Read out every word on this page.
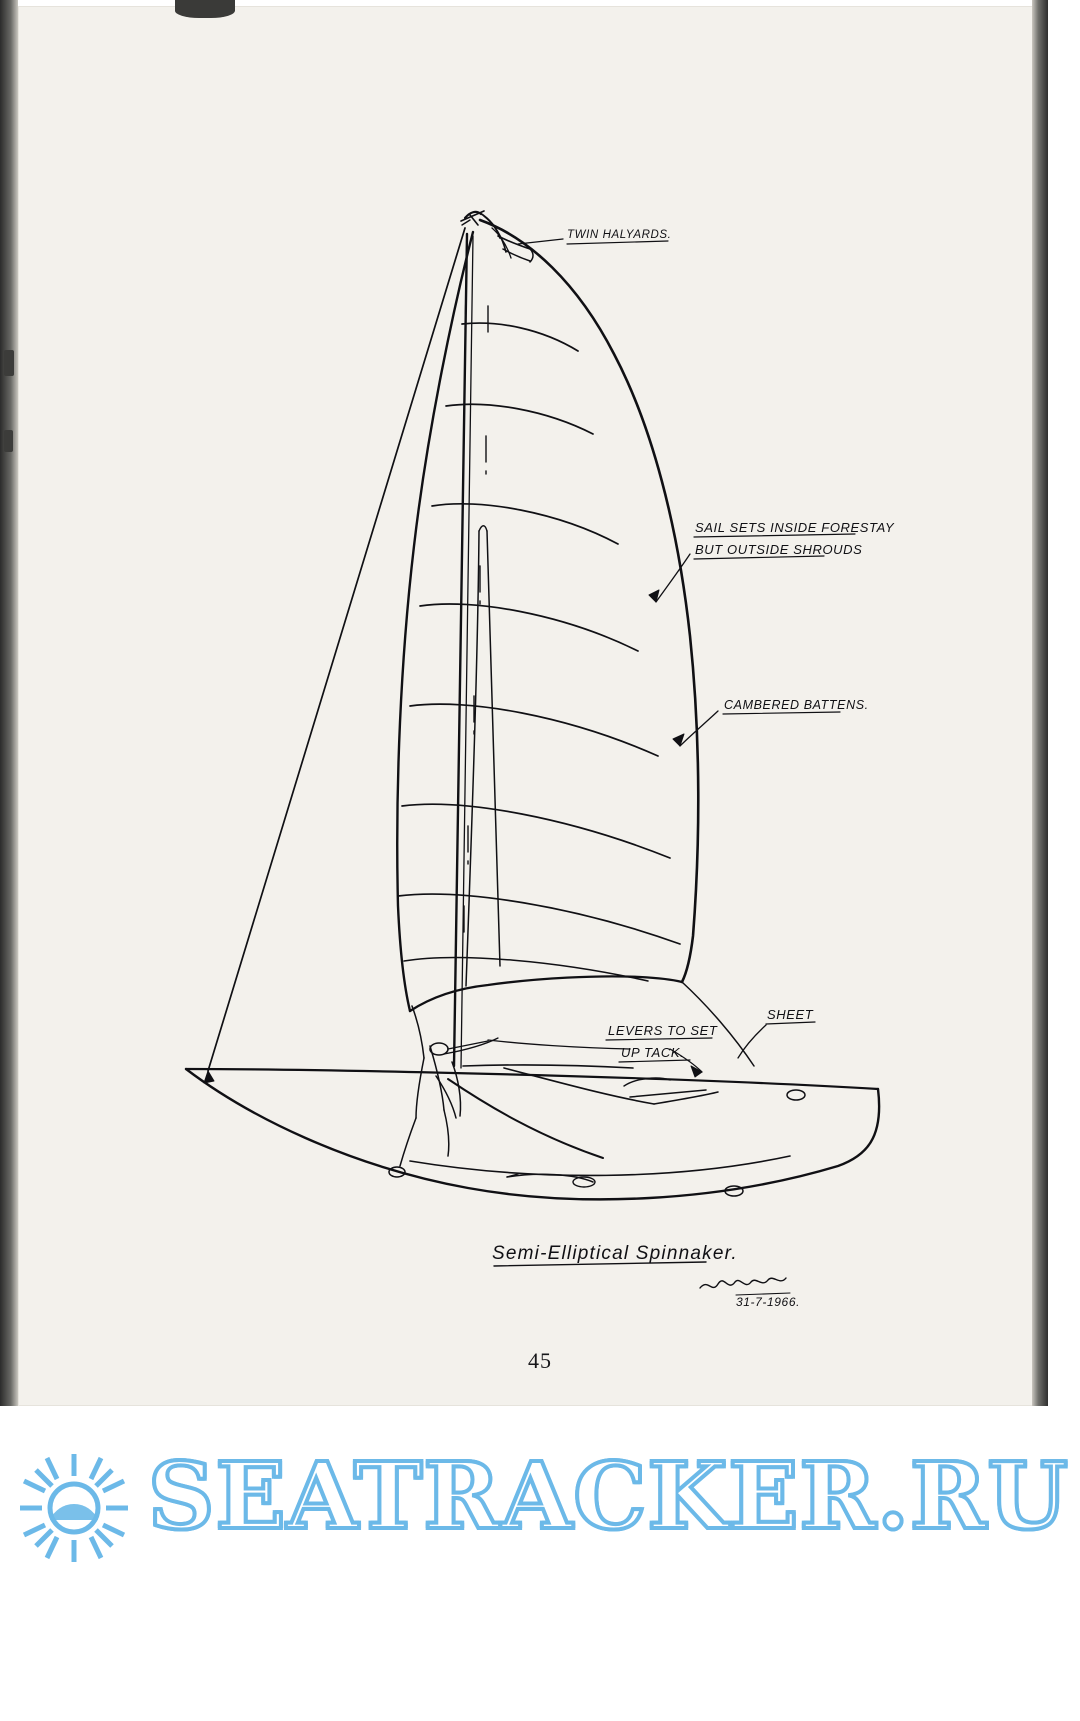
TWIN HALYARDS.
SAIL SETS INSIDE FORESTAY
BUT OUTSIDE SHROUDS
CAMBERED BATTENS.
LEVERS TO SET
UP TACK.
SHEET
Semi-Elliptical Spinnaker.
31-7-1966.
45
SEATRACKER.RU
